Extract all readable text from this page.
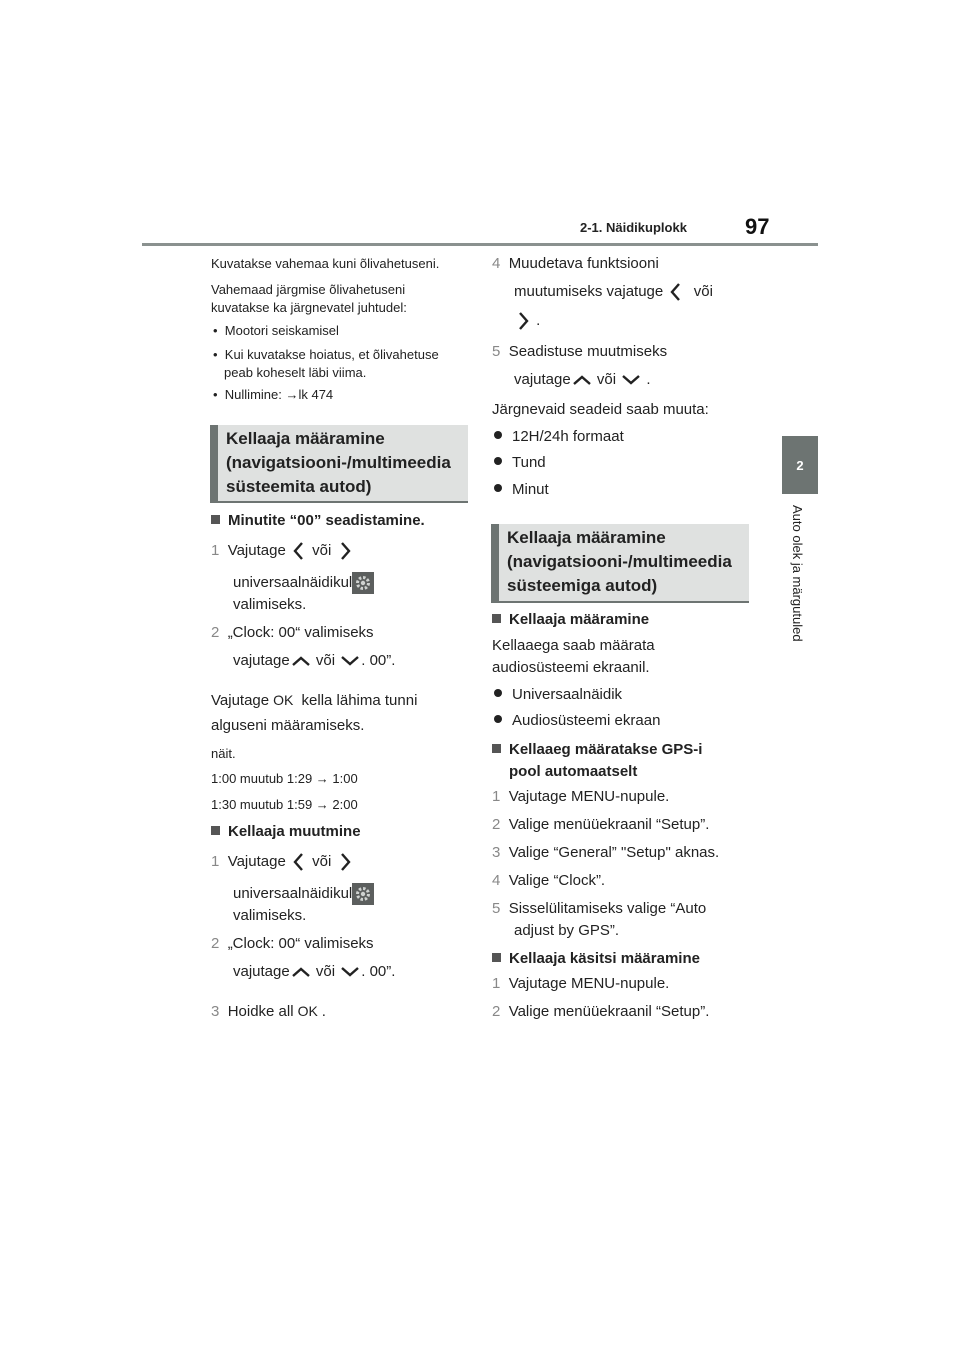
2-1. Näidikuplokk	97
2
Auto olek ja märgutuled
Kuvatakse vahemaa kuni õlivahetuseni.
Vahemaad järgmise õlivahetuseni
kuvatakse ka järgnevatel juhtudel:
•  Mootori seiskamisel
•  Kui kuvatakse hoiatus, et õlivahetuse
peab koheselt läbi viima.
•  Nullimine: →lk 474
Kellaaja määramine
(navigatsiooni-/multimeedia
süsteemita autod)
Minutite “00” seadistamine.
1 Vajutage või
universaalnäidikul
valimiseks.
2 „Clock: 00“ valimiseks
vajutage või . 00”.
Vajutage OK kella lähima tunni
alguseni määramiseks.
näit.
1:00 muutub 1:29 → 1:00
1:30 muutub 1:59 → 2:00
Kellaaja muutmine
1 Vajutage või
universaalnäidikul
valimiseks.
2 „Clock: 00“ valimiseks
vajutage või . 00”.
3 Hoidke all OK .
4 Muudetava funktsiooni
muutumiseks vajatuge või
.
5 Seadistuse muutmiseks
vajutage või .
Järgnevaid seadeid saab muuta:
12H/24h formaat
Tund
Minut
Kellaaja määramine
(navigatsiooni-/multimeedia
süsteemiga autod)
Kellaaja määramine
Kellaaega saab määrata
audiosüsteemi ekraanil.
Universaalnäidik
Audiosüsteemi ekraan
Kellaaeg määratakse GPS-i
pool automaatselt
1 Vajutage MENU-nupule.
2 Valige menüüekraanil “Setup”.
3 Valige “General” "Setup" aknas.
4 Valige “Clock”.
5 Sisselülitamiseks valige “Auto
adjust by GPS”.
Kellaaja käsitsi määramine
1 Vajutage MENU-nupule.
2 Valige menüüekraanil “Setup”.
